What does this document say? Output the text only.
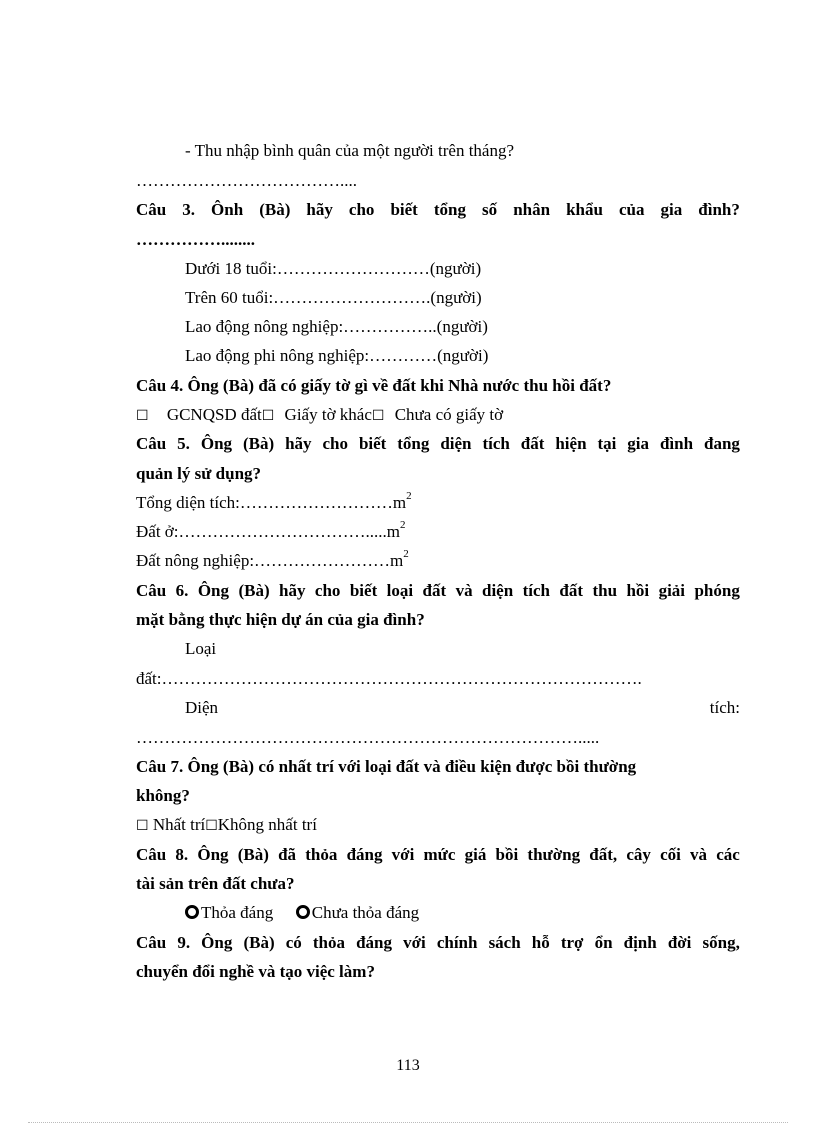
- Thu nhập bình quân của một người trên tháng?
………………………………....
Câu 3. Ônh (Bà) hãy cho biết tổng số nhân khẩu của gia đình?
……………........
Dưới 18 tuổi:………………………(người)
Trên 60 tuổi:……………………….(người)
Lao động nông nghiệp:……………..(người)
Lao động phi nông nghiệp:…………(người)
Câu 4. Ông (Bà) đã có giấy tờ gì về đất khi Nhà nước thu hồi đất?
☐ GCNQSD đất☐ Giấy tờ khác☐ Chưa có giấy tờ
Câu 5. Ông (Bà) hãy cho biết tổng diện tích đất hiện tại gia đình đang
quản lý sử dụng?
Tổng diện $tích:\dots\dots\dots\dots\dots\dots\dots\dots\dots m^2$
Đất $ở:\dots\dots\dots\dots\dots\dots\dots\dots\dots\dots\dots.....m^2$
Đất nông $nghiệp:\dots\dots\dots\dots\dots\dots\dots\dots m^2$
Câu 6. Ông (Bà) hãy cho biết loại đất và diện tích đất thu hồi giải phóng
mặt bằng thực hiện dự án của gia đình?
Loại
đất:………………………………………………………………………….
Diện	tích:
…………………………………………………………………….....
Câu 7. Ông (Bà) có nhất trí với loại đất và điều kiện được bồi thường
không?
☐ Nhất trí☐Không nhất trí
Câu 8. Ông (Bà) đã thỏa đáng với mức giá bồi thường đất, cây cối và các
tài sản trên đất chưa?
Thỏa đáng Chưa thỏa đáng
Câu 9. Ông (Bà) có thỏa đáng với chính sách hỗ trợ ổn định đời sống,
chuyển đổi nghề và tạo việc làm?
113
